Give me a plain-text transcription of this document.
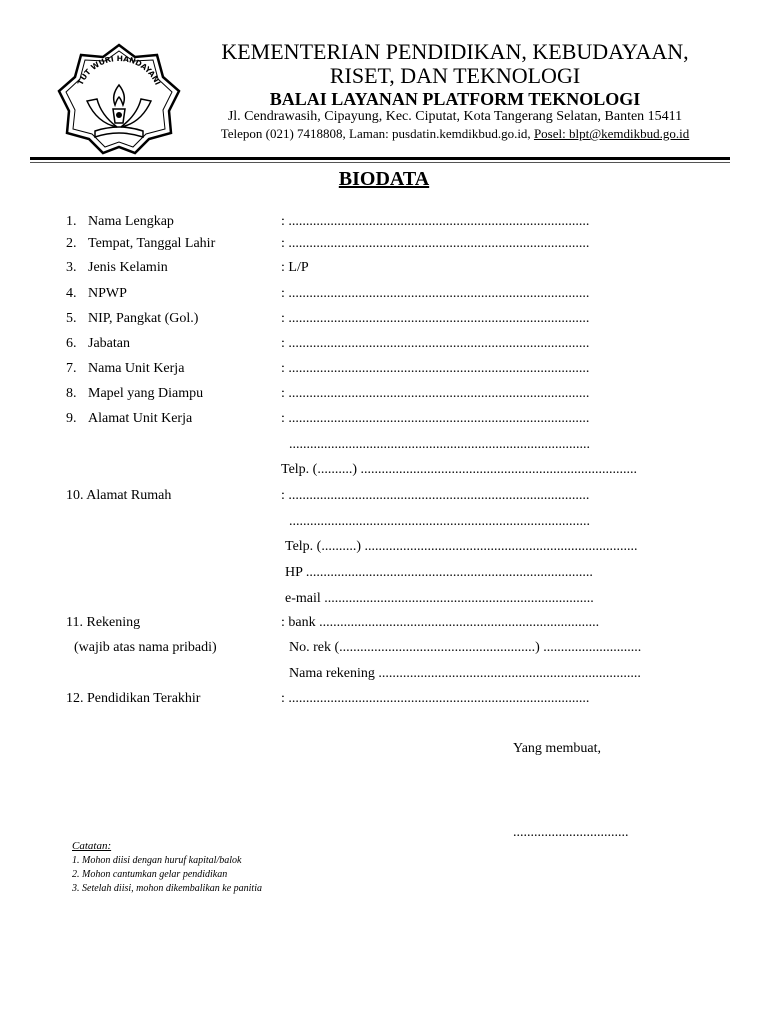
TUT WURI HANDAYANI
KEMENTERIAN PENDIDIKAN, KEBUDAYAAN,
RISET, DAN TEKNOLOGI
BALAI LAYANAN PLATFORM TEKNOLOGI
Jl. Cendrawasih, Cipayung, Kec. Ciputat, Kota Tangerang Selatan, Banten 15411
Telepon (021) 7418808, Laman: pusdatin.kemdikbud.go.id, Posel: blpt@kemdikbud.go.id
BIODATA
1. Nama Lengkap	: ......................................................................................
2. Tempat, Tanggal Lahir	: ......................................................................................
3. Jenis Kelamin	: L/P
4. NPWP	: ......................................................................................
5. NIP, Pangkat (Gol.)	: ......................................................................................
6. Jabatan	: ......................................................................................
7. Nama Unit Kerja	: ......................................................................................
8. Mapel yang Diampu	: ......................................................................................
9. Alamat Unit Kerja	: ......................................................................................
......................................................................................
Telp. (..........) ...............................................................................
10. Alamat Rumah	: ......................................................................................
......................................................................................
Telp. (..........) ..............................................................................
HP ..................................................................................
e-mail .............................................................................
11. Rekening	: bank ................................................................................
(wajib atas nama pribadi)	No. rek (........................................................) ............................
Nama rekening ...........................................................................
12. Pendidikan Terakhir	: ......................................................................................
Yang membuat,
.................................
Catatan:
1. Mohon diisi dengan huruf kapital/balok
2. Mohon cantumkan gelar pendidikan
3. Setelah diisi, mohon dikembalikan ke panitia
